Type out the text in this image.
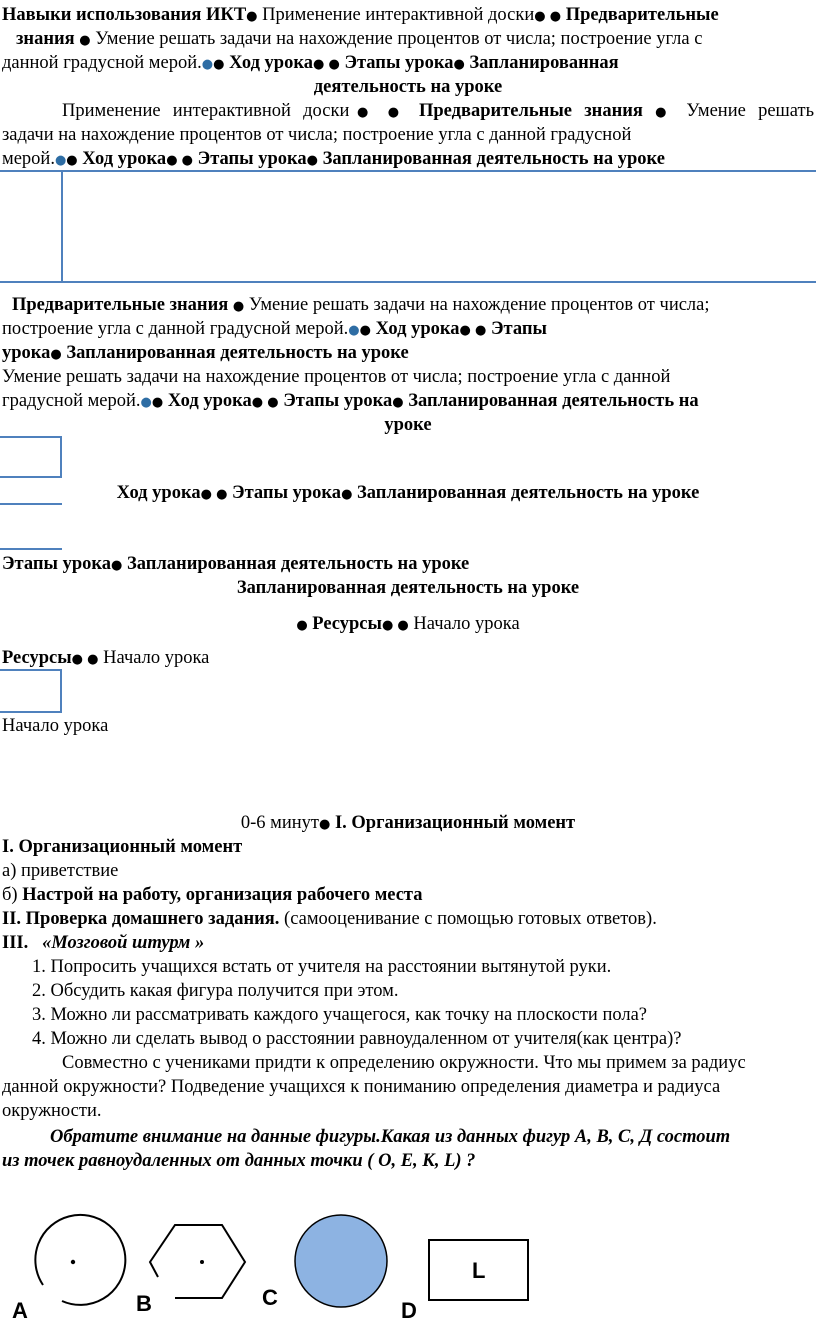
Навыки использования ИКТ● Применение интерактивной доски● ● Предварительные
знания ● Умение решать задачи на нахождение процентов от числа; построение угла с
данной градусной мерой.●● Ход урока● ● Этапы урока● Запланированная
деятельность на уроке
Применение интерактивной доски● ● Предварительные знания ● Умение решать
задачи на нахождение процентов от числа; построение угла с данной градусной
мерой.●● Ход урока● ● Этапы урока● Запланированная деятельность на уроке
Предварительные знания ● Умение решать задачи на нахождение процентов от числа;
построение угла с данной градусной мерой.●● Ход урока● ● Этапы
урока● Запланированная деятельность на уроке
Умение решать задачи на нахождение процентов от числа; построение угла с данной
градусной мерой.●● Ход урока● ● Этапы урока● Запланированная деятельность на
уроке
Ход урока● ● Этапы урока● Запланированная деятельность на уроке
Этапы урока● Запланированная деятельность на уроке
Запланированная деятельность на уроке
● Ресурсы● ● Начало урока
Ресурсы● ● Начало урока
Начало урока
0-6 минут● I. Организационный момент
I. Организационный момент
а) приветствие
б) Настрой на работу, организация рабочего места
II. Проверка домашнего задания. (самооценивание с помощью готовых ответов).
III. «Мозговой штурм »
1. Попросить учащихся встать от учителя на расстоянии вытянутой руки.
2. Обсудить какая фигура получится при этом.
3. Можно ли рассматривать каждого учащегося, как точку на плоскости пола?
4. Можно ли сделать вывод о расстоянии равноудаленном от учителя(как центра)?
Совместно с учениками придти к определению окружности. Что мы примем за радиус
данной окружности? Подведение учащихся к пониманию определения диаметра и радиуса
окружности.
Обратите внимание на данные фигуры.Какая из данных фигур А, В, С, Д состоит
из точек равноудаленных от данных точки ( О, Е, К, L) ?
L
A	B	C
D
